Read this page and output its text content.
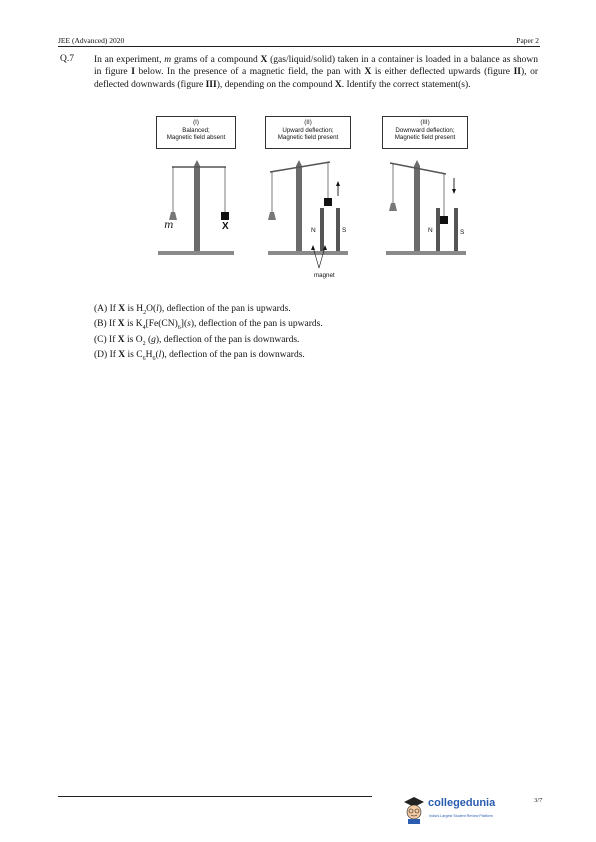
JEE (Advanced) 2020	Paper 2
Q.7 In an experiment, m grams of a compound X (gas/liquid/solid) taken in a container is loaded in a balance as shown in figure I below. In the presence of a magnetic field, the pan with X is either deflected upwards (figure II), or deflected downwards (figure III), depending on the compound X. Identify the correct statement(s).
(I)
Balanced;
Magnetic field absent
m	X
(II)
Upward deflection;
Magnetic field present
N	S
magnet
(III)
Downward deflection;
Magnetic field present
N	S
(A) If X is $H_2O(l)$, deflection of the pan is upwards.
(B) If X is $K_4[Fe(CN)_6](s)$, deflection of the pan is upwards.
(C) If X is $O_2$ (g), deflection of the pan is downwards.
(D) If X is $C_6H_6(l)$, deflection of the pan is downwards.
collegedunia
India's Largest Student Review Platform
3/7
